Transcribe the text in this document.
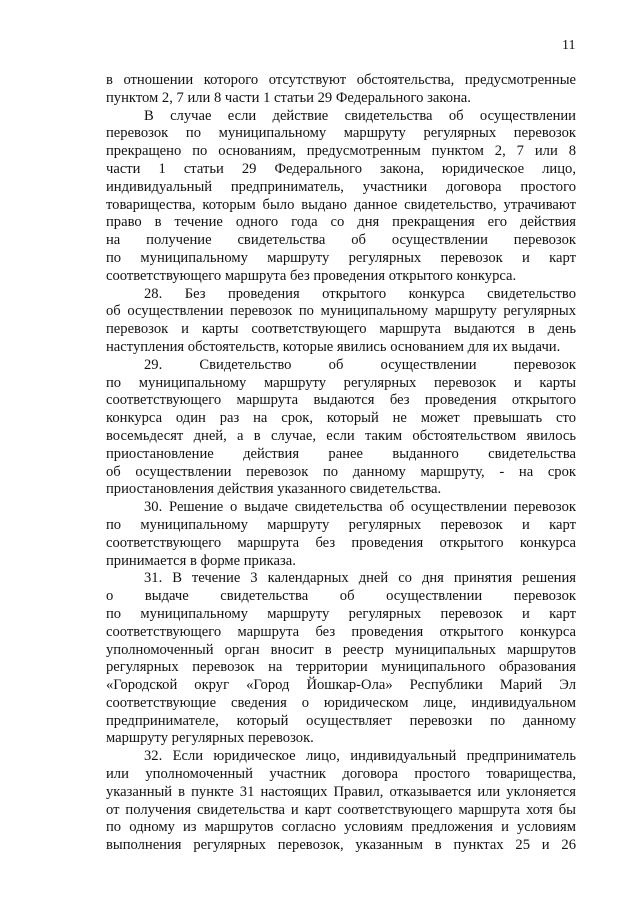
11
в отношении которого отсутствуют обстоятельства, предусмотренные
пунктом 2, 7 или 8 части 1 статьи 29 Федерального закона.
В случае если действие свидетельства об осуществлении
перевозок по муниципальному маршруту регулярных перевозок
прекращено по основаниям, предусмотренным пунктом 2, 7 или 8
части 1 статьи 29 Федерального закона, юридическое лицо,
индивидуальный предприниматель, участники договора простого
товарищества, которым было выдано данное свидетельство, утрачивают
право в течение одного года со дня прекращения его действия
на получение свидетельства об осуществлении перевозок
по муниципальному маршруту регулярных перевозок и карт
соответствующего маршрута без проведения открытого конкурса.
28. Без проведения открытого конкурса свидетельство
об осуществлении перевозок по муниципальному маршруту регулярных
перевозок и карты соответствующего маршрута выдаются в день
наступления обстоятельств, которые явились основанием для их выдачи.
29. Свидетельство об осуществлении перевозок
по муниципальному маршруту регулярных перевозок и карты
соответствующего маршрута выдаются без проведения открытого
конкурса один раз на срок, который не может превышать сто
восемьдесят дней, а в случае, если таким обстоятельством явилось
приостановление действия ранее выданного свидетельства
об осуществлении перевозок по данному маршруту, - на срок
приостановления действия указанного свидетельства.
30. Решение о выдаче свидетельства об осуществлении перевозок
по муниципальному маршруту регулярных перевозок и карт
соответствующего маршрута без проведения открытого конкурса
принимается в форме приказа.
31. В течение 3 календарных дней со дня принятия решения
о выдаче свидетельства об осуществлении перевозок
по муниципальному маршруту регулярных перевозок и карт
соответствующего маршрута без проведения открытого конкурса
уполномоченный орган вносит в реестр муниципальных маршрутов
регулярных перевозок на территории муниципального образования
«Городской округ «Город Йошкар-Ола» Республики Марий Эл
соответствующие сведения о юридическом лице, индивидуальном
предпринимателе, который осуществляет перевозки по данному
маршруту регулярных перевозок.
32. Если юридическое лицо, индивидуальный предприниматель
или уполномоченный участник договора простого товарищества,
указанный в пункте 31 настоящих Правил, отказывается или уклоняется
от получения свидетельства и карт соответствующего маршрута хотя бы
по одному из маршрутов согласно условиям предложения и условиям
выполнения регулярных перевозок, указанным в пунктах 25 и 26
